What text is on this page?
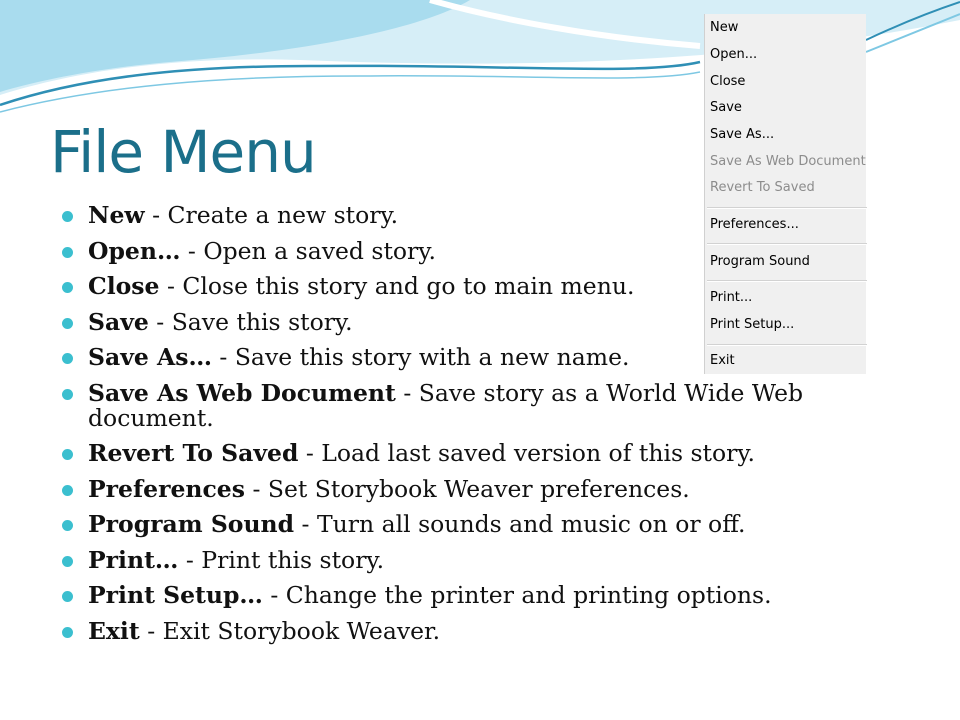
File Menu
New - Create a new story.
Open… - Open a saved story.
Close - Close this story and go to main menu.
Save - Save this story.
Save As… - Save this story with a new name.
Save As Web Document - Save story as a World Wide Web document.
Revert To Saved - Load last saved version of this story.
Preferences - Set Storybook Weaver preferences.
Program Sound - Turn all sounds and music on or off.
Print… - Print this story.
Print Setup… - Change the printer and printing options.
Exit - Exit Storybook Weaver.
New
Open...
Close
Save
Save As...
Save As Web Document
Revert To Saved
Preferences...
Program Sound
Print...
Print Setup...
Exit
